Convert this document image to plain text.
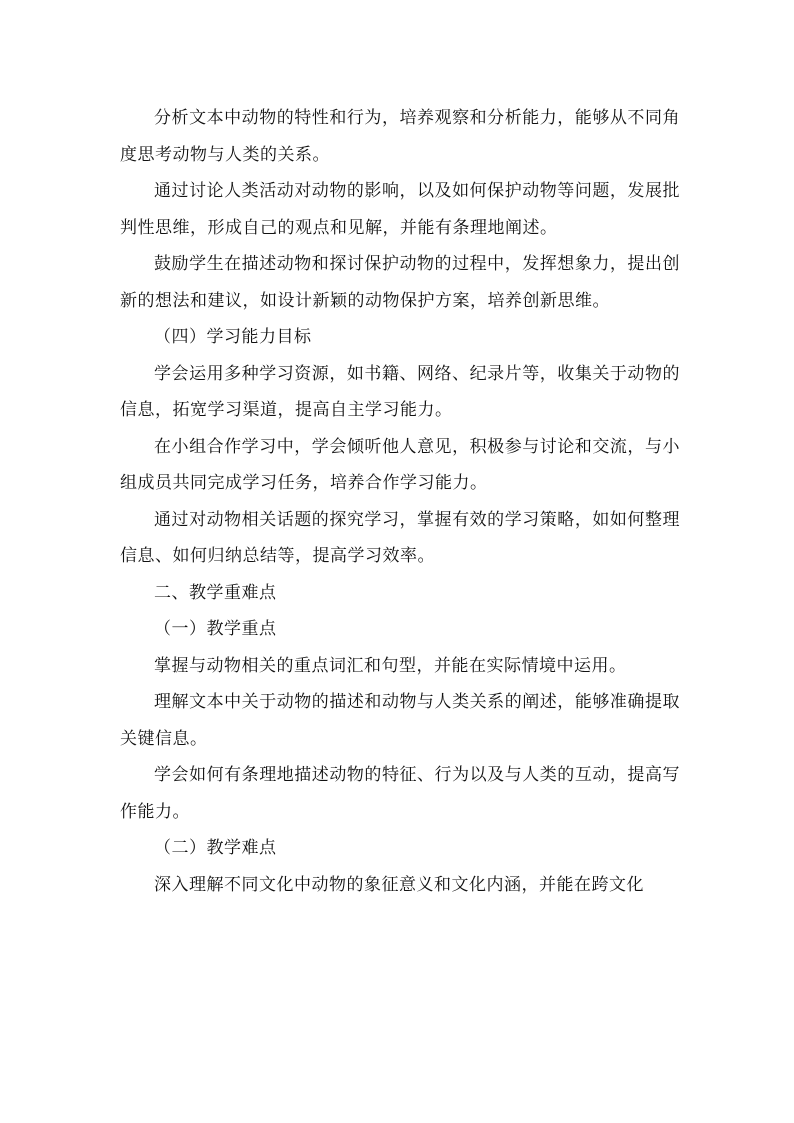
分析文本中动物的特性和行为，培养观察和分析能力，能够从不同角度思考动物与人类的关系。

通过讨论人类活动对动物的影响，以及如何保护动物等问题，发展批判性思维，形成自己的观点和见解，并能有条理地阐述。

鼓励学生在描述动物和探讨保护动物的过程中，发挥想象力，提出创新的想法和建议，如设计新颖的动物保护方案，培养创新思维。

（四）学习能力目标

学会运用多种学习资源，如书籍、网络、纪录片等，收集关于动物的信息，拓宽学习渠道，提高自主学习能力。

在小组合作学习中，学会倾听他人意见，积极参与讨论和交流，与小组成员共同完成学习任务，培养合作学习能力。

通过对动物相关话题的探究学习，掌握有效的学习策略，如如何整理信息、如何归纳总结等，提高学习效率。

二、教学重难点

（一）教学重点

掌握与动物相关的重点词汇和句型，并能在实际情境中运用。

理解文本中关于动物的描述和动物与人类关系的阐述，能够准确提取关键信息。

学会如何有条理地描述动物的特征、行为以及与人类的互动，提高写作能力。

（二）教学难点

深入理解不同文化中动物的象征意义和文化内涵，并能在跨文化
